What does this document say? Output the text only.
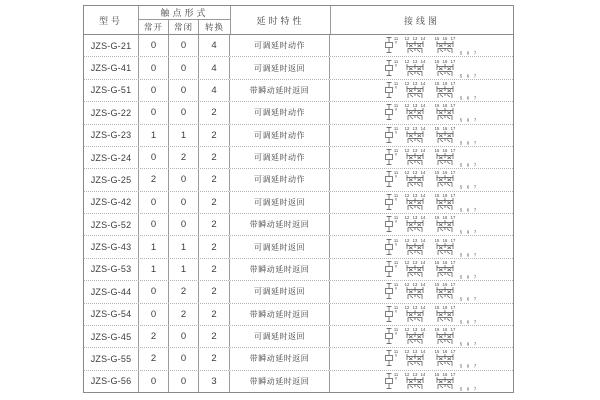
型号
触点形式
常开	常闭	转换
延时特性	接线图
JZS-G-21	0	0	4	可调延时动作
11 12 13 14 15 16 17
5 6 7
JZS-G-41	0	0	4	可调延时返回
11 12 13 14 15 16 17
5 6 7
JZS-G-51	0	0	4	带瞬动延时返回
11 12 13 14 15 16 17
5 6 7
JZS-G-22	0	0	2	可调延时动作
11 12 13 14 15 16 17
5 6 7
JZS-G-23	1	1	2	可调延时动作
11 12 13 14 15 16 17
5 6 7
JZS-G-24	0	2	2	可调延时动作
11 12 13 14 15 16 17
5 6 7
JZS-G-25	2	0	2	可调延时动作
11 12 13 14 15 16 17
5 6 7
JZS-G-42	0	0	2	可调延时返回
11 12 13 14 15 16 17
5 6 7
JZS-G-52	0	0	2	带瞬动延时返回
11 12 13 14 15 16 17
5 6 7
JZS-G-43	1	1	2	可调延时返回
11 12 13 14 15 16 17
5 6 7
JZS-G-53	1	1	2	带瞬动延时返回
11 12 13 14 15 16 17
5 6 7
JZS-G-44	0	2	2	可调延时返回
11 12 13 14 15 16 17
5 6 7
JZS-G-54	0	2	2	带瞬动延时返回
11 12 13 14 15 16 17
5 6 7
JZS-G-45	2	0	2	可调延时返回
11 12 13 14 15 16 17
5 6 7
JZS-G-55	2	0	2	带瞬动延时返回
11 12 13 14 15 16 17
5 6 7
JZS-G-56	0	0	3	带瞬动延时返回
11 12 13 14 15 16 17
5 6 7
